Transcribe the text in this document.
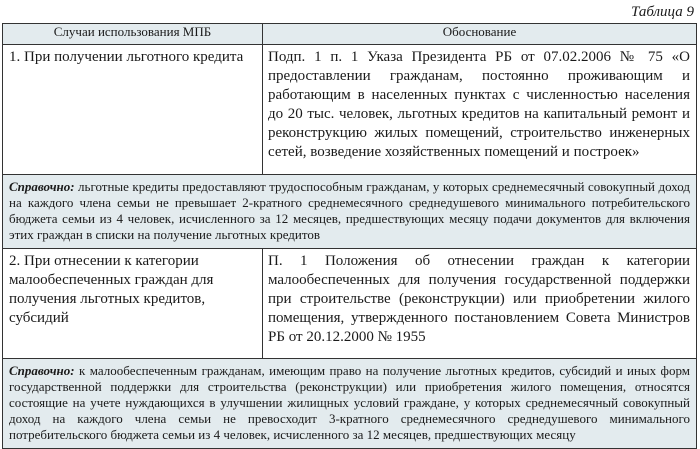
Таблица 9
Случаи использования МПБ	Обоснование
1. При получении льготного кредита	Подп. 1 п. 1 Указа Президента РБ от 07.02.2006 № 75 «О предоставлении гражданам, постоянно проживающим и работающим в населенных пунктах с численностью населения до 20 тыс. человек, льготных кредитов на капитальный ремонт и реконструкцию жилых помещений, строительство инженерных сетей, возведение хозяйственных помещений и построек»
Справочно: льготные кредиты предоставляют трудоспособным гражданам, у которых среднемесячный совокупный доход на каждого члена семьи не превышает 2-кратного среднемесячного среднедушевого минимального потребительского бюджета семьи из 4 человек, исчисленного за 12 месяцев, предшествующих месяцу подачи документов для включения этих граждан в списки на получение льготных кредитов	
2. При отнесении к категории малообеспеченных граждан для получения льготных кредитов, субсидий	П. 1 Положения об отнесении граждан к категории малообеспеченных для получения государственной поддержки при строительстве (реконструкции) или приобретении жилого помещения, утвержденного постановлением Совета Министров РБ от 20.12.2000 № 1955
Справочно: к малообеспеченным гражданам, имеющим право на получение льготных кредитов, субсидий и иных форм государственной поддержки для строительства (реконструкции) или приобретения жилого помещения, относятся состоящие на учете нуждающихся в улучшении жилищных условий граждане, у которых среднемесячный совокупный доход на каждого члена семьи не превосходит 3-кратного среднемесячного среднедушевого минимального потребительского бюджета семьи из 4 человек, исчисленного за 12 месяцев, предшествующих месяцу	
